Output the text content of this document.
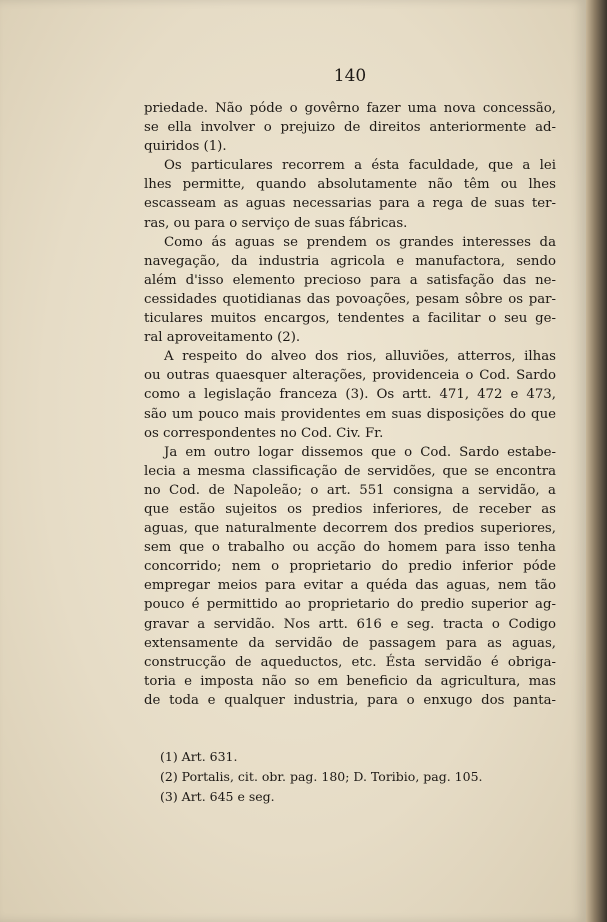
140
priedade. Não póde o govêrno fazer uma nova concessão,
se ella involver o prejuizo de direitos anteriormente ad-
quiridos (1).
Os particulares recorrem a ésta faculdade, que a lei
lhes permitte, quando absolutamente não têm ou lhes
escasseam as aguas necessarias para a rega de suas ter-
ras, ou para o serviço de suas fábricas.
Como ás aguas se prendem os grandes interesses da
navegação, da industria agricola e manufactora, sendo
além d'isso elemento precioso para a satisfação das ne-
cessidades quotidianas das povoações, pesam sôbre os par-
ticulares muitos encargos, tendentes a facilitar o seu ge-
ral aproveitamento (2).
A respeito do alveo dos rios, alluviões, atterros, ilhas
ou outras quaesquer alterações, providenceia o Cod. Sardo
como a legislação franceza (3). Os artt. 471, 472 e 473,
são um pouco mais providentes em suas disposições do que
os correspondentes no Cod. Civ. Fr.
Ja em outro logar dissemos que o Cod. Sardo estabe-
lecia a mesma classificação de servidões, que se encontra
no Cod. de Napoleão; o art. 551 consigna a servidão, a
que estão sujeitos os predios inferiores, de receber as
aguas, que naturalmente decorrem dos predios superiores,
sem que o trabalho ou acção do homem para isso tenha
concorrido; nem o proprietario do predio inferior póde
empregar meios para evitar a quéda das aguas, nem tão
pouco é permittido ao proprietario do predio superior ag-
gravar a servidão. Nos artt. 616 e seg. tracta o Codigo
extensamente da servidão de passagem para as aguas,
construcção de aqueductos, etc. Ésta servidão é obriga-
toria e imposta não so em beneficio da agricultura, mas
de toda e qualquer industria, para o enxugo dos panta-
(1) Art. 631.
(2) Portalis, cit. obr. pag. 180; D. Toribio, pag. 105.
(3) Art. 645 e seg.
